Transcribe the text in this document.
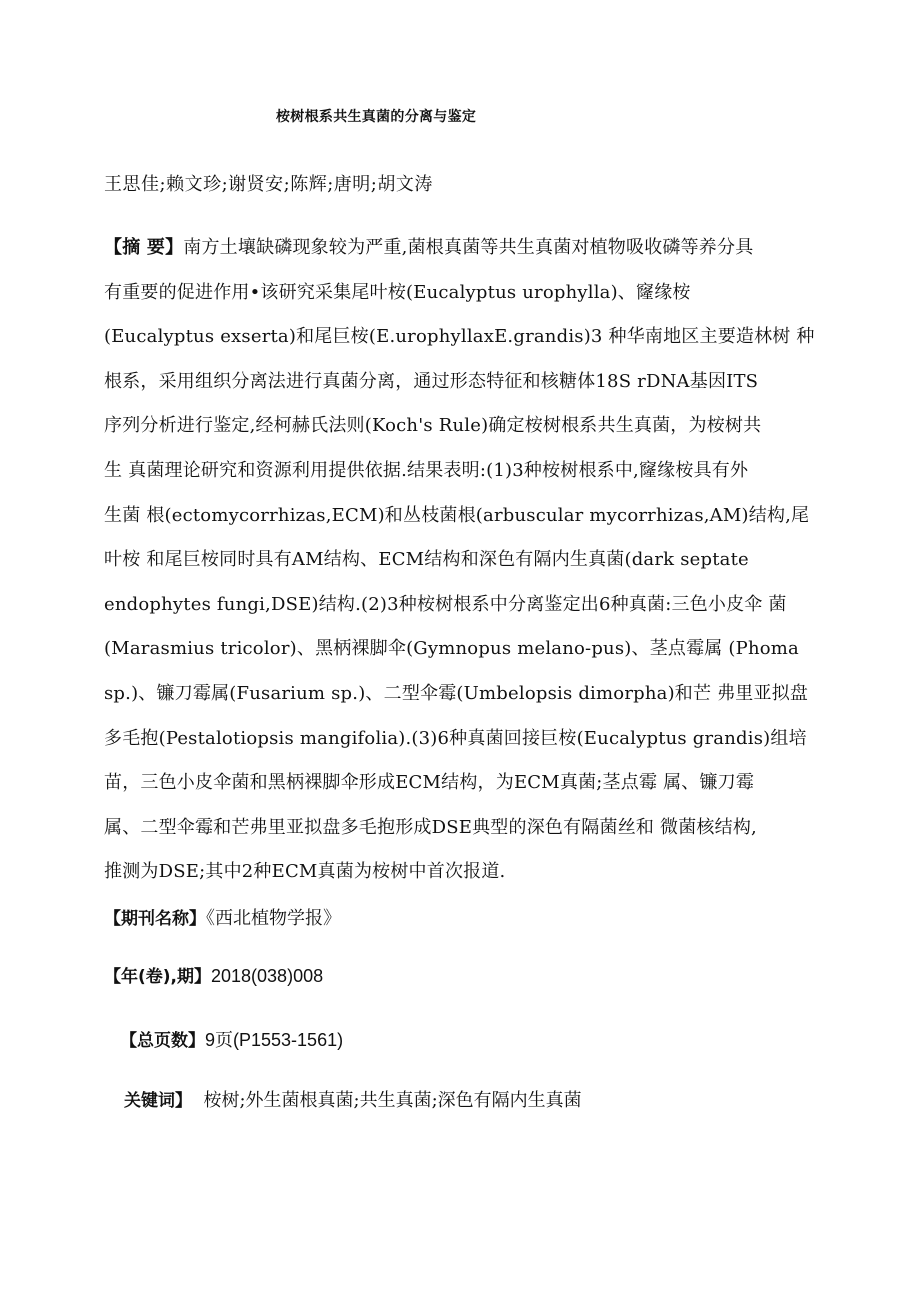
桉树根系共生真菌的分离与鉴定
王思佳;赖文珍;谢贤安;陈辉;唐明;胡文涛
【摘 要】南方土壤缺磷现象较为严重,菌根真菌等共生真菌对植物吸收磷等养分具
有重要的促进作用•该研究采集尾叶桉(Eucalyptus urophylla)、窿缘桉
(Eucalyptus exserta)和尾巨桉(E.urophyllaxE.grandis)3 种华南地区主要造林树 种
根系，采用组织分离法进行真菌分离，通过形态特征和核糖体18S rDNA基因ITS
序列分析进行鉴定,经柯赫氏法则(Koch's Rule)确定桉树根系共生真菌，为桉树共
生 真菌理论研究和资源利用提供依据.结果表明:(1)3种桉树根系中,窿缘桉具有外
生菌 根(ectomycorrhizas,ECM)和丛枝菌根(arbuscular mycorrhizas,AM)结构,尾
叶桉 和尾巨桉同时具有AM结构、ECM结构和深色有隔内生真菌(dark septate
endophytes fungi,DSE)结构.(2)3种桉树根系中分离鉴定出6种真菌:三色小皮伞 菌
(Marasmius tricolor)、黑柄裸脚伞(Gymnopus melano-pus)、茎点霉属 (Phoma
sp.)、镰刀霉属(Fusarium sp.)、二型伞霉(Umbelopsis dimorpha)和芒 弗里亚拟盘
多毛抱(Pestalotiopsis mangifolia).(3)6种真菌回接巨桉(Eucalyptus grandis)组培
苗，三色小皮伞菌和黑柄裸脚伞形成ECM结构，为ECM真菌;茎点霉 属、镰刀霉
属、二型伞霉和芒弗里亚拟盘多毛抱形成DSE典型的深色有隔菌丝和 微菌核结构,
推测为DSE;其中2种ECM真菌为桉树中首次报道.
【期刊名称】《西北植物学报》
【年(卷),期】2018(038)008
【总页数】9页(P1553-1561)
关键词】 桉树;外生菌根真菌;共生真菌;深色有隔内生真菌
